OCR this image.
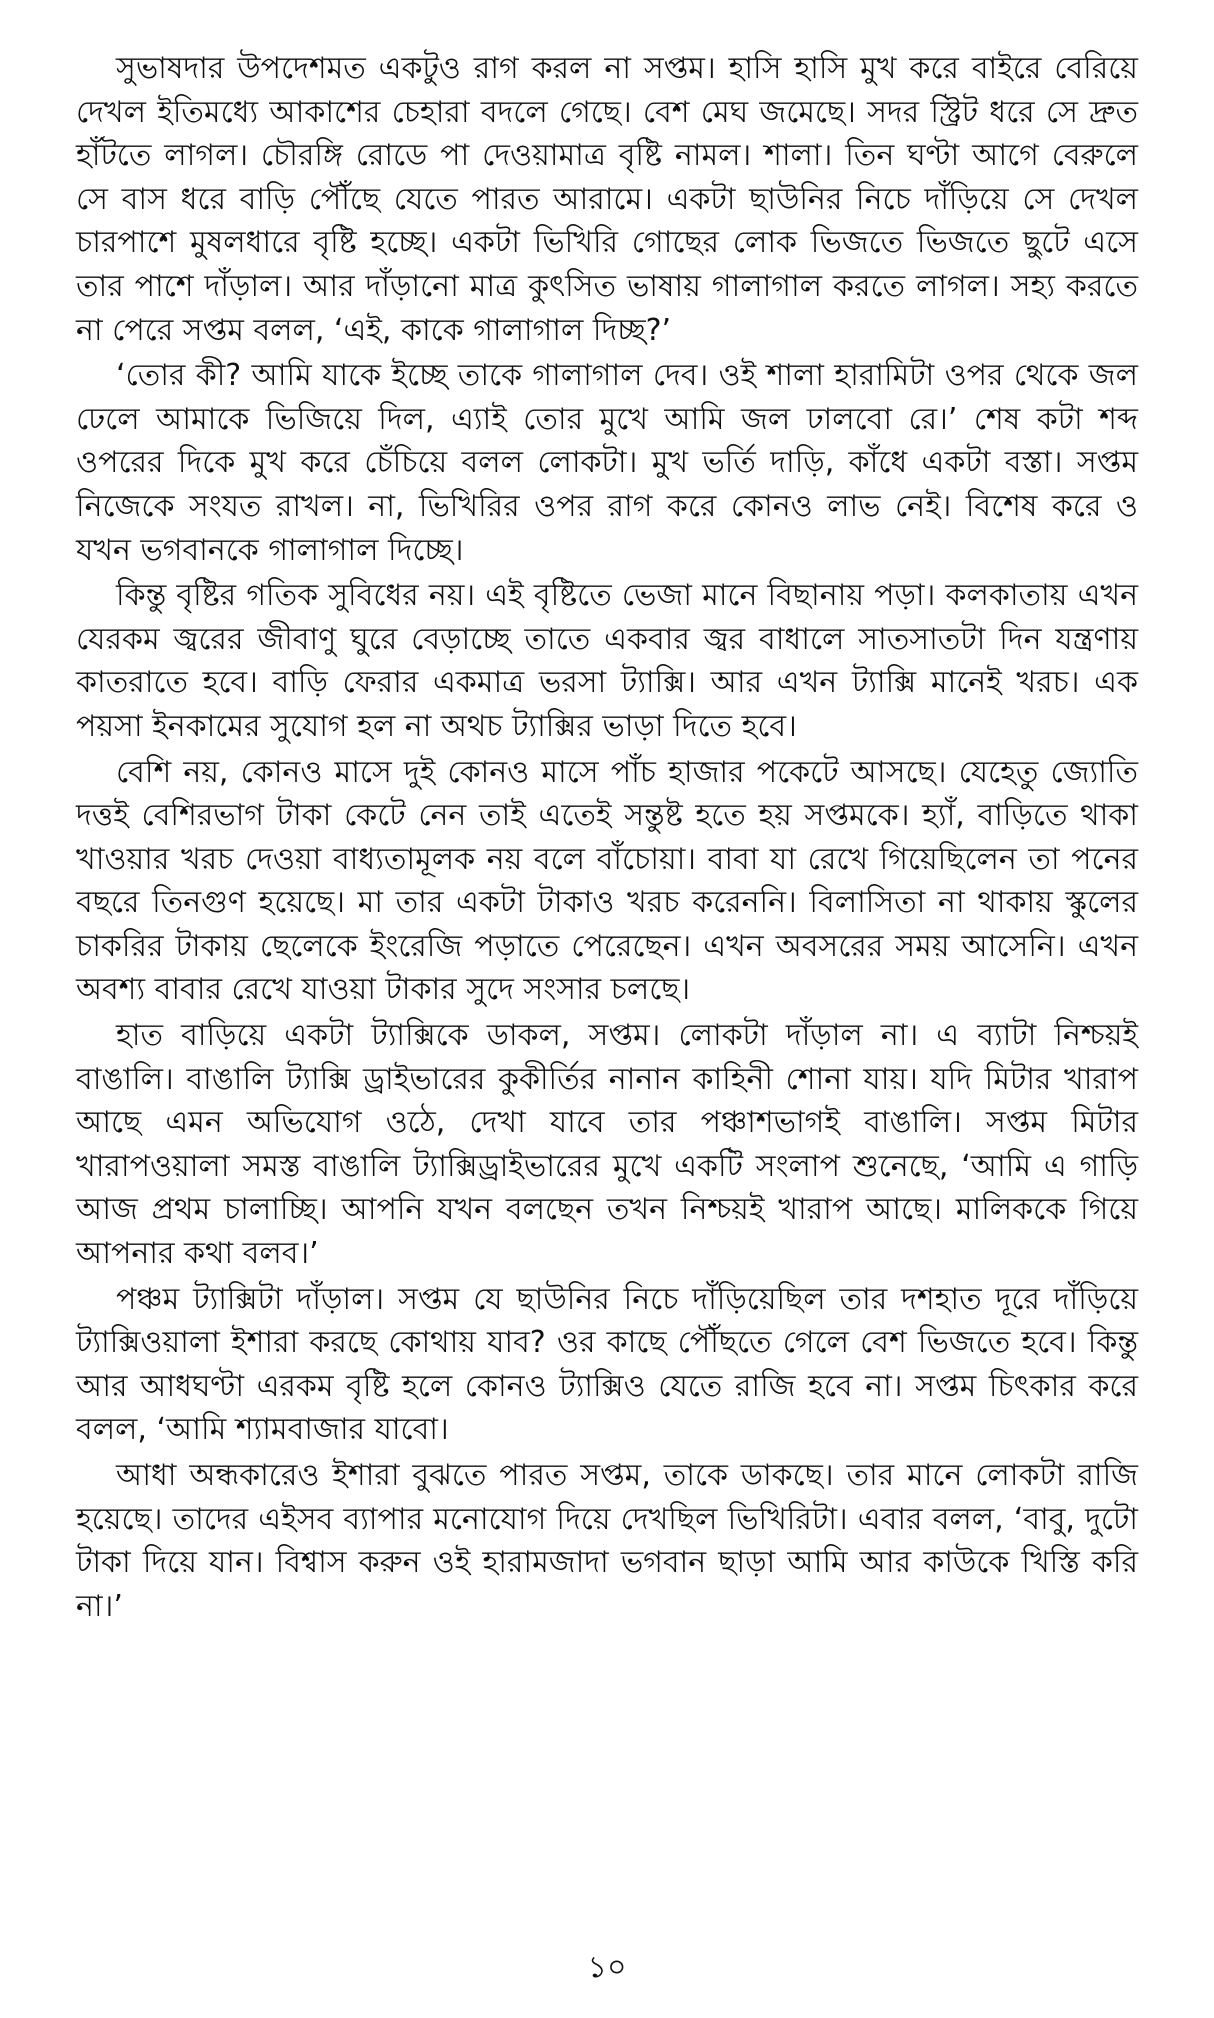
সুভাষদার উপদেশমত একটুও রাগ করল না সপ্তম। হাসি হাসি মুখ করে বাইরে বেরিয়ে দেখল ইতিমধ্যে আকাশের চেহারা বদলে গেছে। বেশ মেঘ জমেছে। সদর স্ট্রিট ধরে সে দ্রুত হাঁটতে লাগল। চৌরঙ্গি রোডে পা দেওয়ামাত্র বৃষ্টি নামল। শালা। তিন ঘণ্টা আগে বেরুলে সে বাস ধরে বাড়ি পৌঁছে যেতে পারত আরামে। একটা ছাউনির নিচে দাঁড়িয়ে সে দেখল চারপাশে মুষলধারে বৃষ্টি হচ্ছে। একটা ভিখিরি গোছের লোক ভিজতে ভিজতে ছুটে এসে তার পাশে দাঁড়াল। আর দাঁড়ানো মাত্র কুৎসিত ভাষায় গালাগাল করতে লাগল। সহ্য করতে না পেরে সপ্তম বলল, ‘এই, কাকে গালাগাল দিচ্ছ?’

‘তোর কী? আমি যাকে ইচ্ছে তাকে গালাগাল দেব। ওই শালা হারামিটা ওপর থেকে জল ঢেলে আমাকে ভিজিয়ে দিল, এ্যাই তোর মুখে আমি জল ঢালবো রে।’ শেষ কটা শব্দ ওপরের দিকে মুখ করে চেঁচিয়ে বলল লোকটা। মুখ ভর্তি দাড়ি, কাঁধে একটা বস্তা। সপ্তম নিজেকে সংযত রাখল। না, ভিখিরির ওপর রাগ করে কোনও লাভ নেই। বিশেষ করে ও যখন ভগবানকে গালাগাল দিচ্ছে।

কিন্তু বৃষ্টির গতিক সুবিধের নয়। এই বৃষ্টিতে ভেজা মানে বিছানায় পড়া। কলকাতায় এখন যেরকম জ্বরের জীবাণু ঘুরে বেড়াচ্ছে তাতে একবার জ্বর বাধালে সাতসাতটা দিন যন্ত্রণায় কাতরাতে হবে। বাড়ি ফেরার একমাত্র ভরসা ট্যাক্সি। আর এখন ট্যাক্সি মানেই খরচ। এক পয়সা ইনকামের সুযোগ হল না অথচ ট্যাক্সির ভাড়া দিতে হবে।

বেশি নয়, কোনও মাসে দুই কোনও মাসে পাঁচ হাজার পকেটে আসছে। যেহেতু জ্যোতি দত্তই বেশিরভাগ টাকা কেটে নেন তাই এতেই সন্তুষ্ট হতে হয় সপ্তমকে। হ্যাঁ, বাড়িতে থাকা খাওয়ার খরচ দেওয়া বাধ্যতামূলক নয় বলে বাঁচোয়া। বাবা যা রেখে গিয়েছিলেন তা পনের বছরে তিনগুণ হয়েছে। মা তার একটা টাকাও খরচ করেননি। বিলাসিতা না থাকায় স্কুলের চাকরির টাকায় ছেলেকে ইংরেজি পড়াতে পেরেছেন। এখন অবসরের সময় আসেনি। এখন অবশ্য বাবার রেখে যাওয়া টাকার সুদে সংসার চলছে।

হাত বাড়িয়ে একটা ট্যাক্সিকে ডাকল, সপ্তম। লোকটা দাঁড়াল না। এ ব্যাটা নিশ্চয়ই বাঙালি। বাঙালি ট্যাক্সি ড্রাইভারের কুকীর্তির নানান কাহিনী শোনা যায়। যদি মিটার খারাপ আছে এমন অভিযোগ ওঠে, দেখা যাবে তার পঞ্চাশভাগই বাঙালি। সপ্তম মিটার খারাপওয়ালা সমস্ত বাঙালি ট্যাক্সিড্রাইভারের মুখে একটি সংলাপ শুনেছে, ‘আমি এ গাড়ি আজ প্রথম চালাচ্ছি। আপনি যখন বলছেন তখন নিশ্চয়ই খারাপ আছে। মালিককে গিয়ে আপনার কথা বলব।’

পঞ্চম ট্যাক্সিটা দাঁড়াল। সপ্তম যে ছাউনির নিচে দাঁড়িয়েছিল তার দশহাত দূরে দাঁড়িয়ে ট্যাক্সিওয়ালা ইশারা করছে কোথায় যাব? ওর কাছে পৌঁছতে গেলে বেশ ভিজতে হবে। কিন্তু আর আধঘণ্টা এরকম বৃষ্টি হলে কোনও ট্যাক্সিও যেতে রাজি হবে না। সপ্তম চিৎকার করে বলল, ‘আমি শ্যামবাজার যাবো।

আধা অন্ধকারেও ইশারা বুঝতে পারত সপ্তম, তাকে ডাকছে। তার মানে লোকটা রাজি হয়েছে। তাদের এইসব ব্যাপার মনোযোগ দিয়ে দেখছিল ভিখিরিটা। এবার বলল, ‘বাবু, দুটো টাকা দিয়ে যান। বিশ্বাস করুন ওই হারামজাদা ভগবান ছাড়া আমি আর কাউকে খিস্তি করি না।’

১০
